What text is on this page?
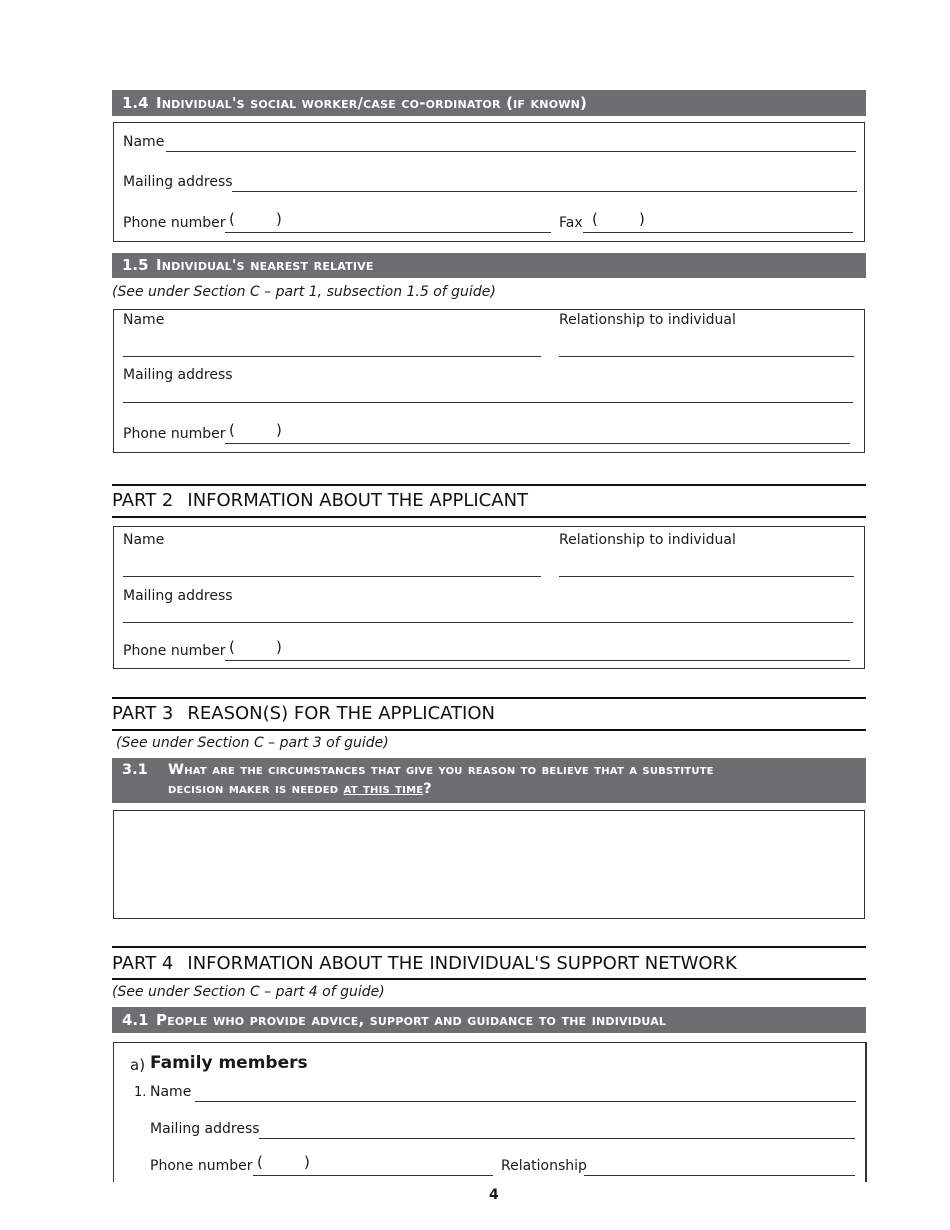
1.4 Individual's social worker/case co-ordinator (if known)
Name
Mailing address
Phone number (	)	Fax (	)
1.5 Individual's nearest relative
(See under Section C – part 1, subsection 1.5 of guide)
Name	Relationship to individual
Mailing address
Phone number (	)
PART 2 INFORMATION ABOUT THE APPLICANT
Name	Relationship to individual
Mailing address
Phone number (	)
PART 3 REASON(S) FOR THE APPLICATION
(See under Section C – part 3 of guide)
3.1	What are the circumstances that give you reason to believe that a substitute
decision maker is needed at this time?
PART 4 INFORMATION ABOUT THE INDIVIDUAL'S SUPPORT NETWORK
(See under Section C – part 4 of guide)
4.1 People who provide advice, support and guidance to the individual
a) Family members
1. Name
Mailing address
Phone number (	)	Relationship
4
